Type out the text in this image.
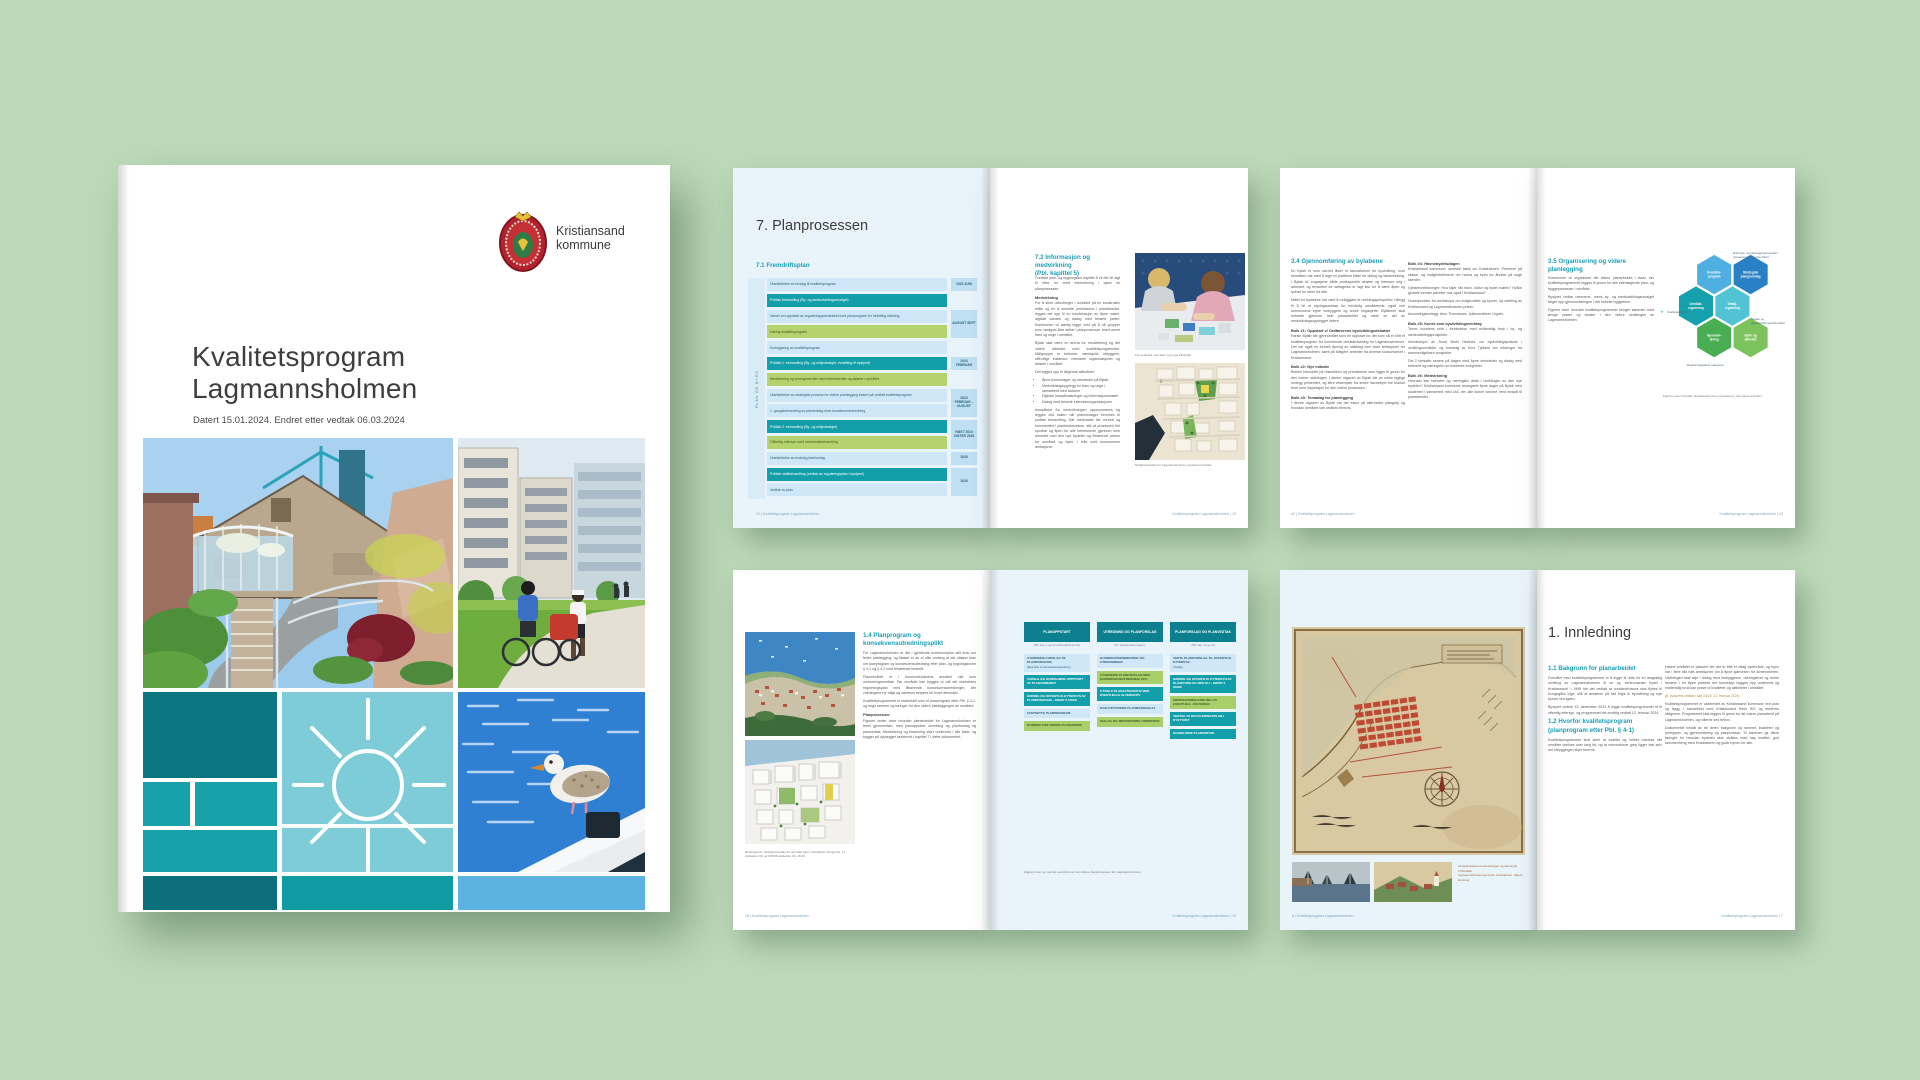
Kristiansand
kommune
Kvalitetsprogram
Lagmannsholmen
Datert 15.01.2024. Endret etter vedtak 06.03.2024
7. Planprosessen
7.1 Fremdriftsplan
PLAN OG BYGG
Utarbeidelse av forslag til kvalitetsprogram
Politisk behandling (By- og stedsutviklingsutvalget)
Varsel om oppstart av reguleringsplanarbeid med planprogram for helhetlig utvikling
Høring kvalitetsprogram
Kunngjøring av kvalitetsprogram
Politisk 1. behandling (By- og miljøutvalget, innstilling til bystyret)
Medvirkning og arrangementer med interessenter og aktører i området
Utarbeidelse av strategisk prosess for videre planlegging basert på vedtatt kvalitetsprogram
1. gangsbehandling av planforslag med konsekvensutredning
Politisk 2. behandling (By- og miljøutvalget)
Offentlig ettersyn med merknadsbehandling
Utarbeidelse av endelig planforslag
Politisk sluttbehandling (vedtak av reguleringsplan i bystyret)
Vedtak av plan
2023 JUNI
AUGUST SEPT
2024 FEBRUAR
2024 FEBRUAR –AUGUST
HØST 2024 VINTER 2025
2025
2026
12 | Kvalitetsprogram Lagmannsholmen
7.2 Informasjon og medvirkning
(Pbl. kapittel 5)
I vedtatt plan- og bygningslov kapittel 5 vil det bli lagt til rette for bred medvirkning i løpet av planprosessen.
Medvirkning
For å sikre utfordringer i området på en konstruktiv måte og for å omsette premissene i planarbeidet, legges det opp til en kombinasjon av åpne møter, digitale kanaler og dialog med berørte parter. Kommunen vil særlig legge vekt på å nå grupper som vanligvis ikke deltar i planprosesser, blant annet barn og unge i området.
Bylab skal være en arena for medvirkning og det videre arbeidet med kvalitetsprogrammet. Målgrupper er beboere, næringsliv, utbyggere, offentlige instanser, relevante organisasjoner og aktører i området.
Det legges opp til følgende aktiviteter:
• Åpne kontordager og verksteder på Bylab
• Medvirkningsopplegg for barn og unge i samarbeid med skolene
• Digitale innspillsløsninger og informasjonsmøter
• Dialog med berørte interesseorganisasjoner
Innspillene fra medvirkningen oppsummeres og legges ved saken når planforslaget fremmes til politisk behandling. Alle merknader blir vurdert og kommentert i planbeskrivelsen, slik at prosessen blir sporbar og åpen for alle interesserte gjennom hele arbeidet med den nye bydelen og tilhørende planer for området og byen, i tråd med kommunens ambisjoner.
Fra verksted med barn og unge på Bylab.
Mulighetsstudie for Lagmannsholmen og havneområdet.
Kvalitetsprogram Lagmannsholmen | 13
3.4 Gjennomføring av bylabene
En bylab er som navnet tilsier et laboratorium for byutvikling, hvor hensikten har vært å lage en plattform både for dialog og idéutveksling. I Bylab #1 engasjerte både profesjonelle aktører og beboere seg i arbeidet, og terskelen for deltagelse er lagt lavt for å være åpen og lydhør for ideer fra alle.
Målet for bylabene har vært å muliggjøre et utviklingsperspektiv i tillegg til å bli et styringsverktøy for fremtidig områdebruk, også mot kommunens egne innbyggere og andre engasjerte. Bylabene skal fortsette gjennom hele planarbeidet og være en del av medvirkningsopplegget videre.
Bolk #1: Oppstart v/ Ordførerens byutviklingsdebatter
Første Bylab ble gjennomført som en oppstart for det som nå er blitt et kvalitetsprogram for kommende områdeutvikling for Lagmannsholmen. Det var også en formell åpning av utstilling som viste ambisjoner for Lagmannsholmen, samt på tidligere arbeider fra diverse konkurranser i Kristiansand.
Bolk #2: Nye initiativ
Bolken fokuserte på historikken og premissene som ligger til grunn for den videre utviklingen. I denne utgaven av Bylab ble en rekke faglige innlegg presentert, og flere eksempler fra andre havnebyer ble trukket frem som inspirasjon for den videre prosessen.
Bolk #3: Temadag for planlegging
I denne utgaven av Bylab var det fokus på alternative plangrep og hvordan området kan utvikles trinnvis.
Bolk #4: Havnebydelsdagen
Kristiansand kommune: sentrale fakta om Kvadraturen. Premiere på skisse- og mulighetsfilmene om havna og byen for åholde på unge talenter.
Gjesteforelesninger: Hva skjer når havn, kultur og bydel møtes? Hvilke globale trender påvirker oss også i Kristiansand?
Hovedpunkter fra workshops om boligkvalitet og byrom, og utdeling av Kristiansand og Lagmannsholmen-prisen.
Avslutningsinnlegg: Arne Thomassen, fylkesordfører i Agder.
Bolk #5: Kunst som byutviklingsverktøy
Tema: kunstens rolle i forbindelse med midlertidig bruk i by- og stedsutviklingsprosjekter.
Introduksjon av Anna Bodil Hestnes om byutviklingspraksis i utviklingsområder, og foredrag av Knut Tjelland om erfaringer fra sammenlignbare prosjekter.
Del 2 fortsatte senere på dagen med åpne verksteder og dialog med beboere og næringsliv om konkrete muligheter.
Bolk #6: Medvirkning
Hvordan kan beboere og næringsliv delta i utviklingen av den nye bydelen? Kristiansand kommune arrangerte åpne dager på Bylab med studenter i samarbeid med UiA, der alle kunne komme med innspill til planarbeidet.
42 | Kvalitetsprogram Lagmannsholmen
3.5 Organisering og videre planlegging
Kommunen vil organisere det videre planarbeidet i faser, der kvalitetsprogrammet legges til grunn for alle etterfølgende plan- og byggeprosesser i området.
Bystyret vedtar rammene, mens by- og stedsutviklingsutvalget følger opp gjennomføringen i det enkelte byggetrinn.
Figuren viser hvordan kvalitetsprogrammet henger sammen med øvrige planer og avtaler i den videre utviklingen av Lagmannsholmen.
Kvalitets-program
Strategisk plangrunnlag
Område-regulering
Detalj-regulering
Gjennom-føring
Byliv og aktivitet
Endrings- og planleggingsmetoden (prosessering på hele feltet)
» Kvalitetsprogram
Avtaler og gjennomføringsvirkemidler
Reguleringsplaner etappevis
Figuren viser hvordan planarbeidet kan organiseres i det videre arbeidet.
Kvalitetsprogram Lagmannsholmen | 43
Illustrasjoner: Mulighetsstudie for sentrale havn. Kanalbyen Norge AS, LJ Arkitekter AS og SWMS arkitektur AS, 2016.
1.4 Planprogram og konsekvensutredningsplikt
For Lagmannsholmen er det i gjeldende kommuneplan stilt krav om felles planlegging, og tiltaket er av et slikt omfang at det utløser krav om planprogram og konsekvensutredning etter plan- og bygningsloven § 4-1 og § 4-2 med tilhørende forskrift.
Planområdet er i kommuneplanens arealdel vist som omformingsområde. Før området kan bygges ut må det utarbeides reguleringsplan med tilhørende konsekvensutredninger, der virkningene for miljø og samfunn belyses for hvert alternativ.
Kvalitetsprogrammet er utarbeidet som et planprogram etter Pbl. § 4-1, og angir rammer og føringer for den videre planleggingen av området.
Planprosesser
Figuren under viser hvordan planarbeidet for Lagmannsholmen er tenkt gjennomført, med planoppstart, utredning og planforslag og planvedtak. Medvirkning og forankring skjer underveis i alle faser, og bygger på opplegget beskrevet i kapittel 7 i dette dokumentet.
18 | Kvalitetsprogram Lagmannsholmen
PLANOPPSTART
(Pbl. kap. 4 og 12 med forskrift om KU)
UTARBEIDE FORSLAG TIL PLANPROGRAM
(Med krav om konsekvensutredning)
VARSLE OG KUNNGJØRE OPPSTART AV PLANARBEIDET
HØRING OG OFFENTLIG ETTERSYN AV PLANPROGRAM – MINST 6 UKER
FASTSETTE PLANPROGRAM
RAMMER FOR VIDERE PLANARBEID
UTREDNING OG PLANFORSLAG
(Iht. fastsatt planprogram)
KUNNSKAPSINNHENTING OG UTREDNINGER
UTARBEIDE PLANFORSLAG MED KONSEKVENSUTREDNING (KU)
UTVIKLE PLANALTERNATIV MED EVENTUELLE ALTERNATIV
KVALITETSSIKRE PLANMATERIALET
DIALOG OG MEDVIRKNING UNDERVEIS
PLANFORSLAG OG PLANVEDTAK
(Pbl. kap. 12 og 14)
VEDTA PLANFORSLAG TIL OFFENTLIG ETTERSYN
(Utvalg)
HØRING OG OFFENTLIG ETTERSYN AV PLANFORSLAG MED KU – MINST 6 UKER
MERKNADSBEHANDLING OG EVENTUELL JUSTERING
VEDTAK AV REGULERINGSPLAN I BYSTYRET
KUNNGJØRE PLANVEDTAK
Figuren viser en samlet oversikt over den videre planprosessen for Lagmannsholmen.
Kvalitetsprogram Lagmannsholmen | 19
Christianssand med festningen og havna på 1700-tallet.
Lagmannsholmen ses foran Kvadraturen. Ukjent kunstner.
6 | Kvalitetsprogram Lagmannsholmen
1. Innledning
1.1 Bakgrunn for planarbeidet
Formålet med kvalitetsprogrammet er å legge til rette for en langsiktig utvikling av Lagmannsholmen til en ny, sentrumsnær bydel i Kristiansand. I 1999 ble det vedtatt at containerhavna skal flyttes til Kongsgård–Vige, slik at arealene på sikt frigis til byutvikling og nye byrom ved sjøen.
Bystyret vedtok 13. desember 2023 å legge kvalitetsprogrammet ut til offentlig ettersyn, og programmet ble endelig vedtatt 12. februar 2024.
1.2 Hvorfor kvalitetsprogram (planprogram etter Pbl. § 4-1)
Kvalitetsprogrammet skal sikre at kvalitet og helhet ivaretas når området utvikles over lang tid, og at overordnede grep ligger fast selv om utbyggingen skjer trinnvis.
Havne-området er plassert der det er blitt et viktig byområde, og byen har i flere tiår hatt ambisjoner om å åpne sjøfronten for allmennheten. Utviklingen skal skje i dialog med innbyggerne, næringslivet og andre berørte, i en åpen prosess der kunnskap bygges opp underveis og midlertidig bruk kan prøve ut kvaliteter og aktiviteter i området.
(jf. bystyrets vedtak i sak 14/24, 12. februar 2024)
Kvalitetsprogrammet er utarbeidet av Kristiansand kommune ved plan og bygg, i samarbeid med Kristiansand Havn IKS og eksterne rådgivere. Programmet skal legges til grunn for alt videre planarbeid på Lagmannsholmen, og rulleres ved behov.
Dokumentet består av tre deler: bakgrunn og rammer, kvaliteter og prinsipper, og gjennomføring og planprosess. Til sammen gir disse føringer for hvordan bydelen skal utvikles med høy kvalitet, god sammenheng med Kvadraturen og gode byrom for alle.
Kvalitetsprogram Lagmannsholmen | 7
